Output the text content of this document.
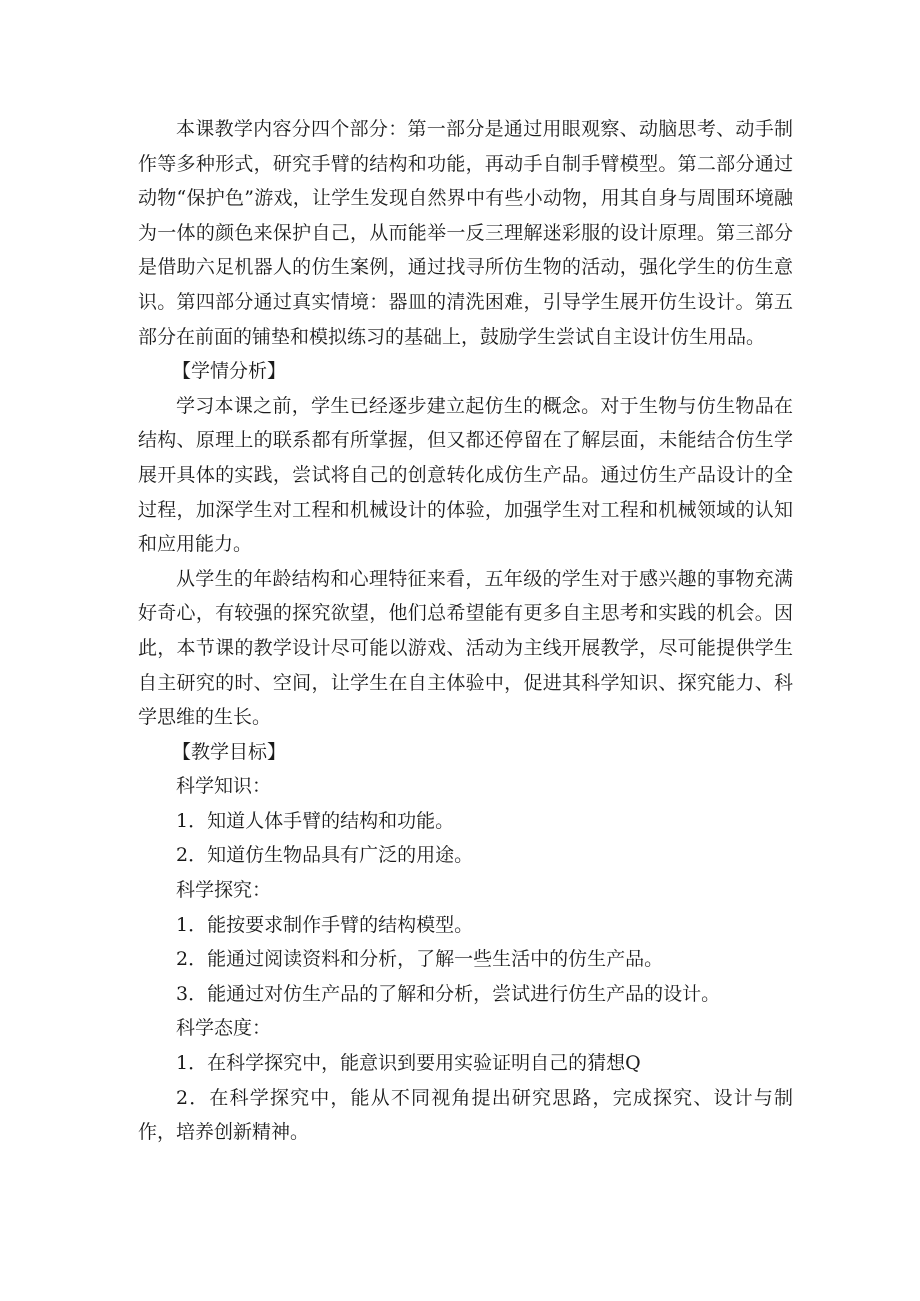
本课教学内容分四个部分：第一部分是通过用眼观察、动脑思考、动手制作等多种形式，研究手臂的结构和功能，再动手自制手臂模型。第二部分通过动物“保护色”游戏，让学生发现自然界中有些小动物，用其自身与周围环境融为一体的颜色来保护自己，从而能举一反三理解迷彩服的设计原理。第三部分是借助六足机器人的仿生案例，通过找寻所仿生物的活动，强化学生的仿生意识。第四部分通过真实情境：器皿的清洗困难，引导学生展开仿生设计。第五部分在前面的铺垫和模拟练习的基础上，鼓励学生尝试自主设计仿生用品。

【学情分析】

学习本课之前，学生已经逐步建立起仿生的概念。对于生物与仿生物品在结构、原理上的联系都有所掌握，但又都还停留在了解层面，未能结合仿生学展开具体的实践，尝试将自己的创意转化成仿生产品。通过仿生产品设计的全过程，加深学生对工程和机械设计的体验，加强学生对工程和机械领域的认知和应用能力。

从学生的年龄结构和心理特征来看，五年级的学生对于感兴趣的事物充满好奇心，有较强的探究欲望，他们总希望能有更多自主思考和实践的机会。因此，本节课的教学设计尽可能以游戏、活动为主线开展教学，尽可能提供学生自主研究的时、空间，让学生在自主体验中，促进其科学知识、探究能力、科学思维的生长。

【教学目标】

科学知识：

1．知道人体手臂的结构和功能。

2．知道仿生物品具有广泛的用途。

科学探究：

1．能按要求制作手臂的结构模型。

2．能通过阅读资料和分析，了解一些生活中的仿生产品。

3．能通过对仿生产品的了解和分析，尝试进行仿生产品的设计。

科学态度：

1．在科学探究中，能意识到要用实验证明自己的猜想Q

2．在科学探究中，能从不同视角提出研究思路，完成探究、设计与制作，培养创新精神。
